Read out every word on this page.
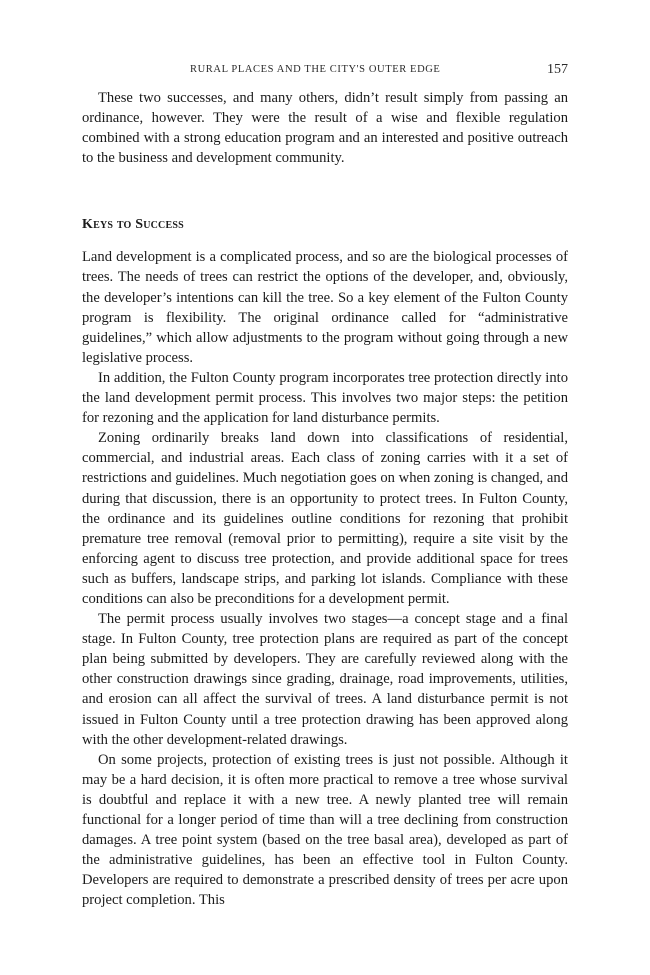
RURAL PLACES AND THE CITY'S OUTER EDGE	157

These two successes, and many others, didn’t result simply from passing an ordinance, however. They were the result of a wise and flexible regulation combined with a strong education program and an interested and positive outreach to the business and development community.

Keys to Success

Land development is a complicated process, and so are the biological processes of trees. The needs of trees can restrict the options of the developer, and, obviously, the developer’s intentions can kill the tree. So a key element of the Fulton County program is flexibility. The original ordinance called for “administrative guidelines,” which allow adjustments to the program without going through a new legislative process.

In addition, the Fulton County program incorporates tree protection directly into the land development permit process. This involves two major steps: the petition for rezoning and the application for land disturbance permits.

Zoning ordinarily breaks land down into classifications of residential, commercial, and industrial areas. Each class of zoning carries with it a set of restrictions and guidelines. Much negotiation goes on when zoning is changed, and during that discussion, there is an opportunity to protect trees. In Fulton County, the ordinance and its guidelines outline conditions for rezoning that prohibit premature tree removal (removal prior to permitting), require a site visit by the enforcing agent to discuss tree protection, and provide additional space for trees such as buffers, landscape strips, and parking lot islands. Compliance with these conditions can also be preconditions for a development permit.

The permit process usually involves two stages—a concept stage and a final stage. In Fulton County, tree protection plans are required as part of the concept plan being submitted by developers. They are carefully reviewed along with the other construction drawings since grading, drainage, road improvements, utilities, and erosion can all affect the survival of trees. A land disturbance permit is not issued in Fulton County until a tree protection drawing has been approved along with the other development-related drawings.

On some projects, protection of existing trees is just not possible. Although it may be a hard decision, it is often more practical to remove a tree whose survival is doubtful and replace it with a new tree. A newly planted tree will remain functional for a longer period of time than will a tree declining from construction damages. A tree point system (based on the tree basal area), developed as part of the administrative guidelines, has been an effective tool in Fulton County. Developers are required to demonstrate a prescribed density of trees per acre upon project completion. This
